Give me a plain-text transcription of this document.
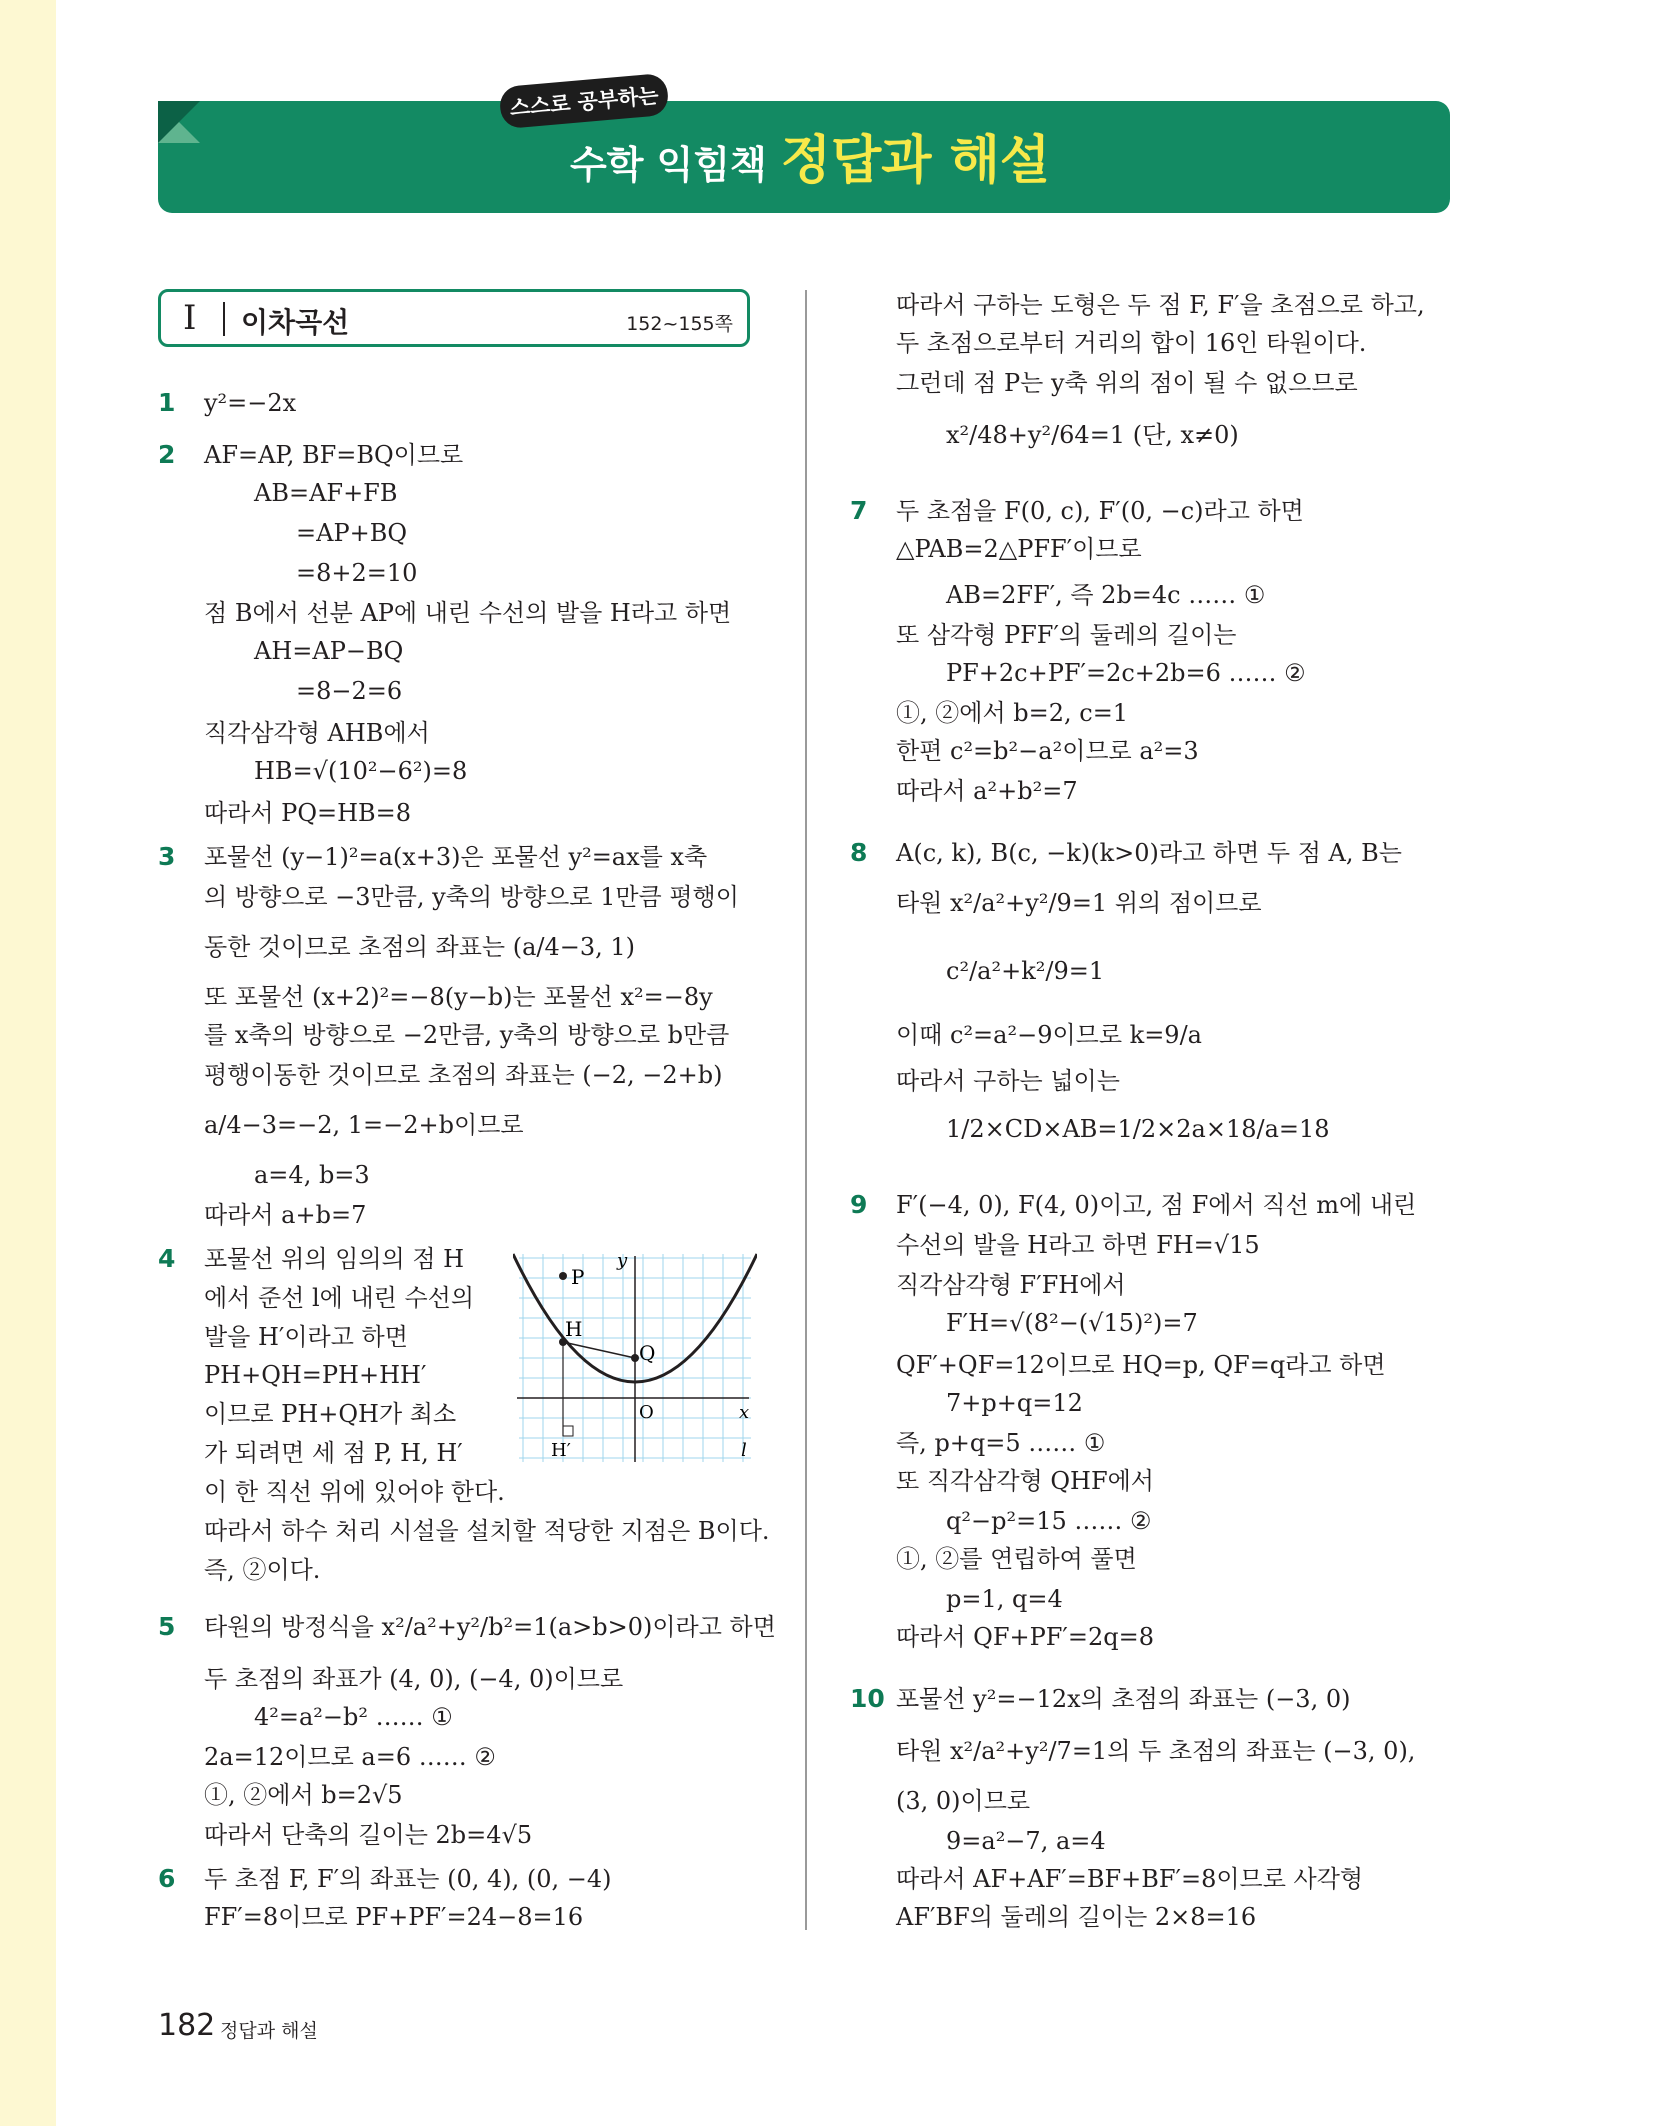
스스로 공부하는
수학 익힘책 정답과 해설
I 이차곡선	152~155쪽
1
2
3
4
5
6
7
8
9
10
y²=−2x
AF=AP, BF=BQ이므로
AB=AF+FB
=AP+BQ
=8+2=10
점 B에서 선분 AP에 내린 수선의 발을 H라고 하면
AH=AP−BQ
=8−2=6
직각삼각형 AHB에서
HB=√(10²−6²)=8
따라서 PQ=HB=8
포물선 (y−1)²=a(x+3)은 포물선 y²=ax를 x축
의 방향으로 −3만큼, y축의 방향으로 1만큼 평행이
동한 것이므로 초점의 좌표는 (a/4−3, 1)
또 포물선 (x+2)²=−8(y−b)는 포물선 x²=−8y
를 x축의 방향으로 −2만큼, y축의 방향으로 b만큼
평행이동한 것이므로 초점의 좌표는 (−2, −2+b)
a/4−3=−2, 1=−2+b이므로
a=4, b=3
따라서 a+b=7
포물선 위의 임의의 점 H
에서 준선 l에 내린 수선의
발을 H′이라고 하면
PH+QH=PH+HH′
이므로 PH+QH가 최소
가 되려면 세 점 P, H, H′
이 한 직선 위에 있어야 한다.
따라서 하수 처리 시설을 설치할 적당한 지점은 B이다.
즉, ②이다.
타원의 방정식을 x²/a²+y²/b²=1(a>b>0)이라고 하면
두 초점의 좌표가 (4, 0), (−4, 0)이므로
4²=a²−b² …… ①
2a=12이므로 a=6 …… ②
①, ②에서 b=2√5
따라서 단축의 길이는 2b=4√5
두 초점 F, F′의 좌표는 (0, 4), (0, −4)
FF′=8이므로 PF+PF′=24−8=16
따라서 구하는 도형은 두 점 F, F′을 초점으로 하고,
두 초점으로부터 거리의 합이 16인 타원이다.
그런데 점 P는 y축 위의 점이 될 수 없으므로
x²/48+y²/64=1 (단, x≠0)
두 초점을 F(0, c), F′(0, −c)라고 하면
△PAB=2△PFF′이므로
AB=2FF′, 즉 2b=4c …… ①
또 삼각형 PFF′의 둘레의 길이는
PF+2c+PF′=2c+2b=6 …… ②
①, ②에서 b=2, c=1
한편 c²=b²−a²이므로 a²=3
따라서 a²+b²=7
A(c, k), B(c, −k)(k>0)라고 하면 두 점 A, B는
타원 x²/a²+y²/9=1 위의 점이므로
c²/a²+k²/9=1
이때 c²=a²−9이므로 k=9/a
따라서 구하는 넓이는
1/2×CD×AB=1/2×2a×18/a=18
F′(−4, 0), F(4, 0)이고, 점 F에서 직선 m에 내린
수선의 발을 H라고 하면 FH=√15
직각삼각형 F′FH에서
F′H=√(8²−(√15)²)=7
QF′+QF=12이므로 HQ=p, QF=q라고 하면
7+p+q=12
즉, p+q=5 …… ①
또 직각삼각형 QHF에서
q²−p²=15 …… ②
①, ②를 연립하여 풀면
p=1, q=4
따라서 QF+PF′=2q=8
포물선 y²=−12x의 초점의 좌표는 (−3, 0)
타원 x²/a²+y²/7=1의 두 초점의 좌표는 (−3, 0),
(3, 0)이므로
9=a²−7, a=4
따라서 AF+AF′=BF+BF′=8이므로 사각형
AF′BF의 둘레의 길이는 2×8=16
P
H
Q
O
H′
x
y
l
182 정답과 해설
